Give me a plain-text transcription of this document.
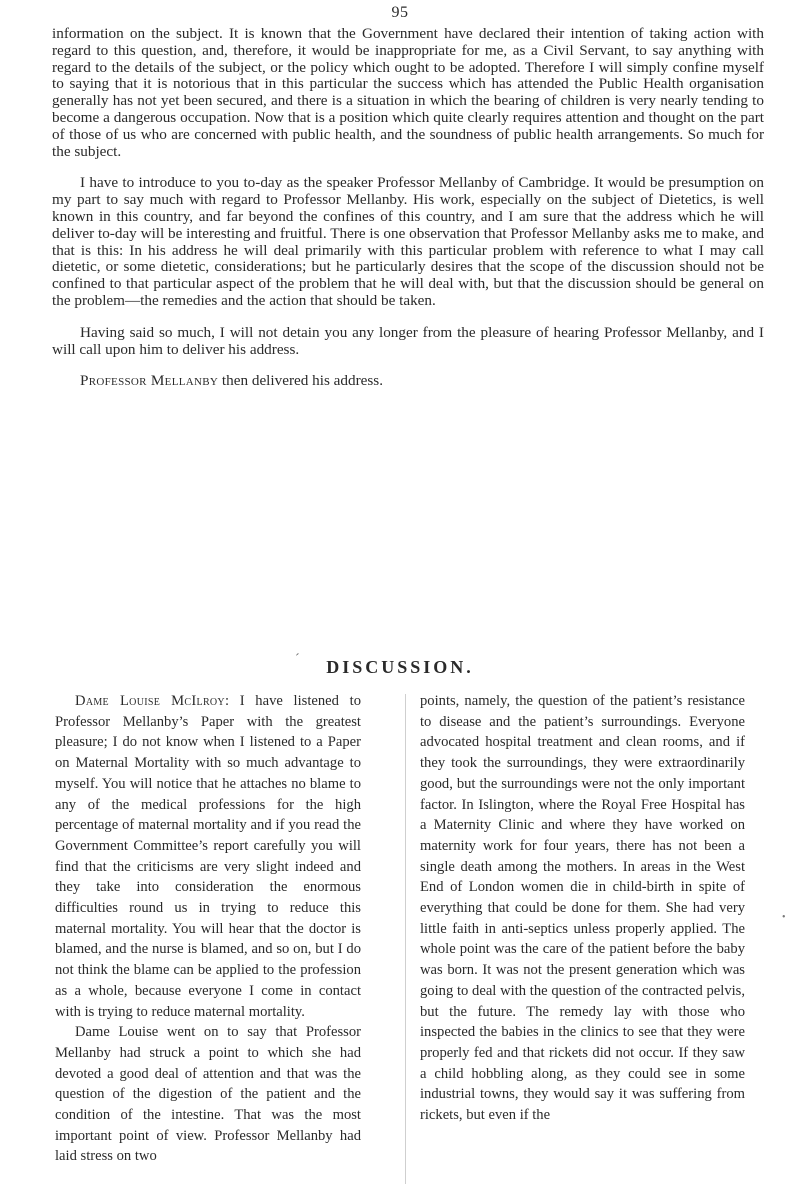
95

information on the subject. It is known that the Government have declared their intention of taking action with regard to this question, and, therefore, it would be inappropriate for me, as a Civil Servant, to say anything with regard to the details of the subject, or the policy which ought to be adopted. Therefore I will simply confine myself to saying that it is notorious that in this particular the success which has attended the Public Health organisation generally has not yet been secured, and there is a situation in which the bearing of children is very nearly tending to become a dangerous occupation. Now that is a position which quite clearly requires attention and thought on the part of those of us who are concerned with public health, and the soundness of public health arrangements. So much for the subject.

I have to introduce to you to-day as the speaker Professor Mellanby of Cambridge. It would be presumption on my part to say much with regard to Professor Mellanby. His work, especially on the subject of Dietetics, is well known in this country, and far beyond the confines of this country, and I am sure that the address which he will deliver to-day will be interesting and fruitful. There is one observation that Professor Mellanby asks me to make, and that is this: In his address he will deal primarily with this particular problem with reference to what I may call dietetic, or some dietetic, considerations; but he particularly desires that the scope of the discussion should not be confined to that particular aspect of the problem that he will deal with, but that the discussion should be general on the problem—the remedies and the action that should be taken.

Having said so much, I will not detain you any longer from the pleasure of hearing Professor Mellanby, and I will call upon him to deliver his address.

Professor Mellanby then delivered his address.

´ DISCUSSION.

Dame Louise McIlroy: I have listened to Professor Mellanby’s Paper with the greatest pleasure; I do not know when I listened to a Paper on Maternal Mortality with so much advantage to myself. You will notice that he attaches no blame to any of the medical professions for the high percentage of maternal mortality and if you read the Government Committee’s report carefully you will find that the criticisms are very slight indeed and they take into consideration the enormous difficulties round us in trying to reduce this maternal mortality. You will hear that the doctor is blamed, and the nurse is blamed, and so on, but I do not think the blame can be applied to the profession as a whole, because everyone I come in contact with is trying to reduce maternal mortality.

Dame Louise went on to say that Professor Mellanby had struck a point to which she had devoted a good deal of attention and that was the question of the digestion of the patient and the condition of the intestine. That was the most important point of view. Professor Mellanby had laid stress on two

points, namely, the question of the patient’s resistance to disease and the patient’s surroundings. Everyone advocated hospital treatment and clean rooms, and if they took the surroundings, they were extraordinarily good, but the surroundings were not the only important factor. In Islington, where the Royal Free Hospital has a Maternity Clinic and where they have worked on maternity work for four years, there has not been a single death among the mothers. In areas in the West End of London women die in child-birth in spite of everything that could be done for them. She had very little faith in anti-septics unless properly applied. The whole point was the care of the patient before the baby was born. It was not the present generation which was going to deal with the question of the contracted pelvis, but the future. The remedy lay with those who inspected the babies in the clinics to see that they were properly fed and that rickets did not occur. If they saw a child hobbling along, as they could see in some industrial towns, they would say it was suffering from rickets, but even if the

•
